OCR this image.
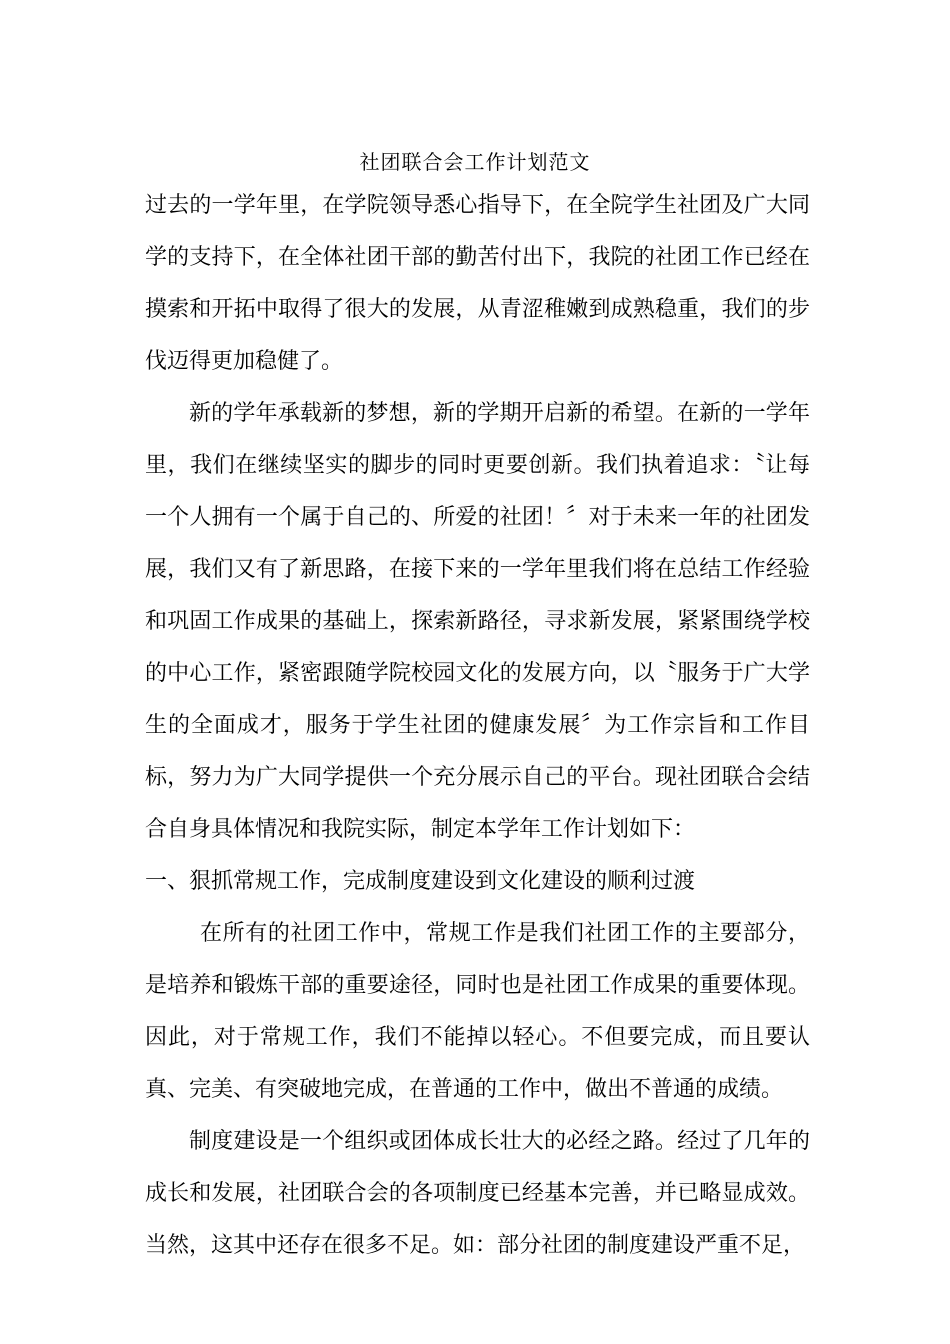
社团联合会工作计划范文

过去的一学年里，在学院领导悉心指导下，在全院学生社团及广大同学的支持下，在全体社团干部的勤苦付出下，我院的社团工作已经在摸索和开拓中取得了很大的发展，从青涩稚嫩到成熟稳重，我们的步伐迈得更加稳健了。

新的学年承载新的梦想，新的学期开启新的希望。在新的一学年里，我们在继续坚实的脚步的同时更要创新。我们执着追求：〝让每一个人拥有一个属于自己的、所爱的社团！〞对于未来一年的社团发展，我们又有了新思路，在接下来的一学年里我们将在总结工作经验和巩固工作成果的基础上，探索新路径，寻求新发展，紧紧围绕学校的中心工作，紧密跟随学院校园文化的发展方向，以〝服务于广大学生的全面成才，服务于学生社团的健康发展〞为工作宗旨和工作目标，努力为广大同学提供一个充分展示自己的平台。现社团联合会结合自身具体情况和我院实际，制定本学年工作计划如下：

一、狠抓常规工作，完成制度建设到文化建设的顺利过渡

在所有的社团工作中，常规工作是我们社团工作的主要部分，是培养和锻炼干部的重要途径，同时也是社团工作成果的重要体现。因此，对于常规工作，我们不能掉以轻心。不但要完成，而且要认真、完美、有突破地完成，在普通的工作中，做出不普通的成绩。

制度建设是一个组织或团体成长壮大的必经之路。经过了几年的成长和发展，社团联合会的各项制度已经基本完善，并已略显成效。当然，这其中还存在很多不足。如：部分社团的制度建设严重不足，
